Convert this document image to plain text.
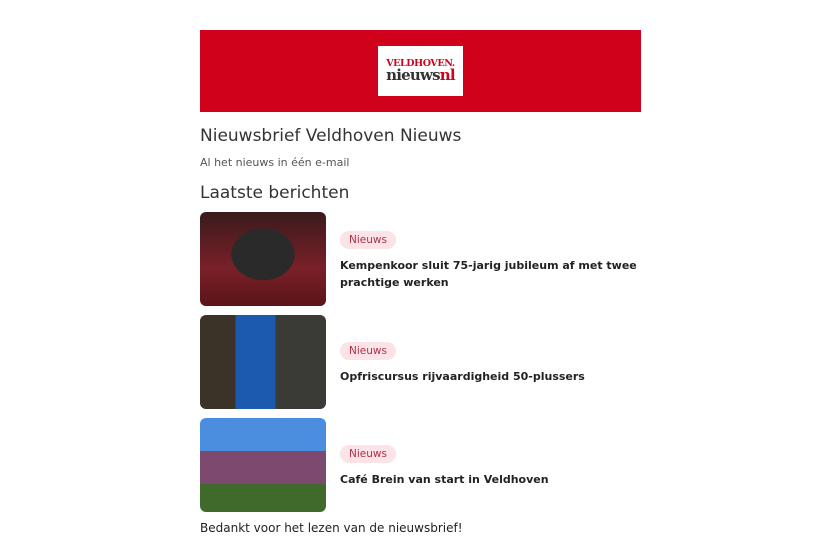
VELDHOVEN.
nieuwsnl
Nieuwsbrief Veldhoven Nieuws

Al het nieuws in één e-mail

Laatste berichten
Nieuws
Kempenkoor sluit 75-jarig jubileum af met twee prachtige werken
Nieuws
Opfriscursus rijvaardigheid 50-plussers
Nieuws
Café Brein van start in Veldhoven
Bedankt voor het lezen van de nieuwsbrief!
